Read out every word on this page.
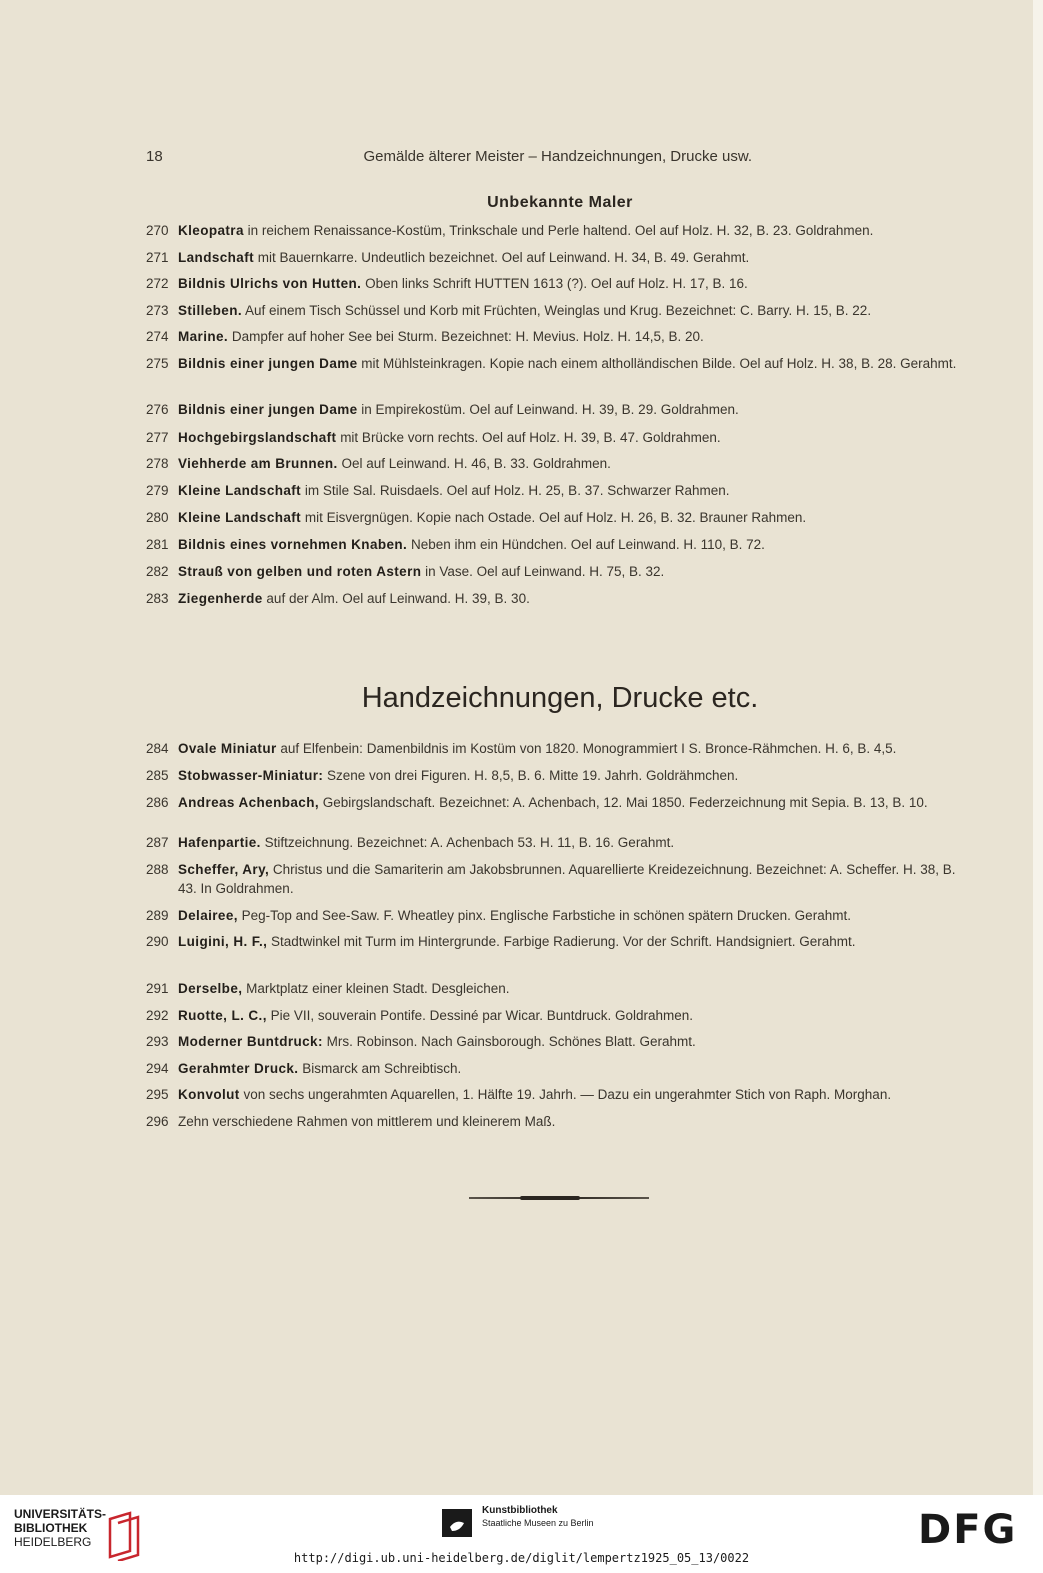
18	Gemälde älterer Meister – Handzeichnungen, Drucke usw.
Unbekannte Maler
270 Kleopatra in reichem Renaissance-Kostüm, Trinkschale und Perle haltend. Oel auf Holz. H. 32, B. 23. Goldrahmen.
271 Landschaft mit Bauernkarre. Undeutlich bezeichnet. Oel auf Leinwand. H. 34, B. 49. Gerahmt.
272 Bildnis Ulrichs von Hutten. Oben links Schrift HUTTEN 1613 (?). Oel auf Holz. H. 17, B. 16.
273 Stilleben. Auf einem Tisch Schüssel und Korb mit Früchten, Weinglas und Krug. Bezeichnet: C. Barry. H. 15, B. 22.
274 Marine. Dampfer auf hoher See bei Sturm. Bezeichnet: H. Mevius. Holz. H. 14,5, B. 20.
275 Bildnis einer jungen Dame mit Mühlsteinkragen. Kopie nach einem altholländischen Bilde. Oel auf Holz. H. 38, B. 28. Gerahmt.
276 Bildnis einer jungen Dame in Empirekostüm. Oel auf Leinwand. H. 39, B. 29. Goldrahmen.
277 Hochgebirgslandschaft mit Brücke vorn rechts. Oel auf Holz. H. 39, B. 47. Goldrahmen.
278 Viehherde am Brunnen. Oel auf Leinwand. H. 46, B. 33. Goldrahmen.
279 Kleine Landschaft im Stile Sal. Ruisdaels. Oel auf Holz. H. 25, B. 37. Schwarzer Rahmen.
280 Kleine Landschaft mit Eisvergnügen. Kopie nach Ostade. Oel auf Holz. H. 26, B. 32. Brauner Rahmen.
281 Bildnis eines vornehmen Knaben. Neben ihm ein Hündchen. Oel auf Leinwand. H. 110, B. 72.
282 Strauß von gelben und roten Astern in Vase. Oel auf Leinwand. H. 75, B. 32.
283 Ziegenherde auf der Alm. Oel auf Leinwand. H. 39, B. 30.
Handzeichnungen, Drucke etc.
284 Ovale Miniatur auf Elfenbein: Damenbildnis im Kostüm von 1820. Monogrammiert I S. Bronce-Rähmchen. H. 6, B. 4,5.
285 Stobwasser-Miniatur: Szene von drei Figuren. H. 8,5, B. 6. Mitte 19. Jahrh. Goldrähmchen.
286 Andreas Achenbach, Gebirgslandschaft. Bezeichnet: A. Achenbach, 12. Mai 1850. Federzeichnung mit Sepia. B. 13, B. 10.
287 Hafenpartie. Stiftzeichnung. Bezeichnet: A. Achenbach 53. H. 11, B. 16. Gerahmt.
288 Scheffer, Ary, Christus und die Samariterin am Jakobsbrunnen. Aquarellierte Kreidezeichnung. Bezeichnet: A. Scheffer. H. 38, B. 43. In Goldrahmen.
289 Delairee, Peg-Top and See-Saw. F. Wheatley pinx. Englische Farbstiche in schönen spätern Drucken. Gerahmt.
290 Luigini, H. F., Stadtwinkel mit Turm im Hintergrunde. Farbige Radierung. Vor der Schrift. Handsigniert. Gerahmt.
291 Derselbe, Marktplatz einer kleinen Stadt. Desgleichen.
292 Ruotte, L. C., Pie VII, souverain Pontife. Dessiné par Wicar. Buntdruck. Goldrahmen.
293 Moderner Buntdruck: Mrs. Robinson. Nach Gainsborough. Schönes Blatt. Gerahmt.
294 Gerahmter Druck. Bismarck am Schreibtisch.
295 Konvolut von sechs ungerahmten Aquarellen, 1. Hälfte 19. Jahrh. — Dazu ein ungerahmter Stich von Raph. Morghan.
296 Zehn verschiedene Rahmen von mittlerem und kleinerem Maß.
UNIVERSITÄTS-
BIBLIOTHEK
HEIDELBERG
Kunstbibliothek
Staatliche Museen zu Berlin	DFG
http://digi.ub.uni-heidelberg.de/diglit/lempertz1925_05_13/0022
